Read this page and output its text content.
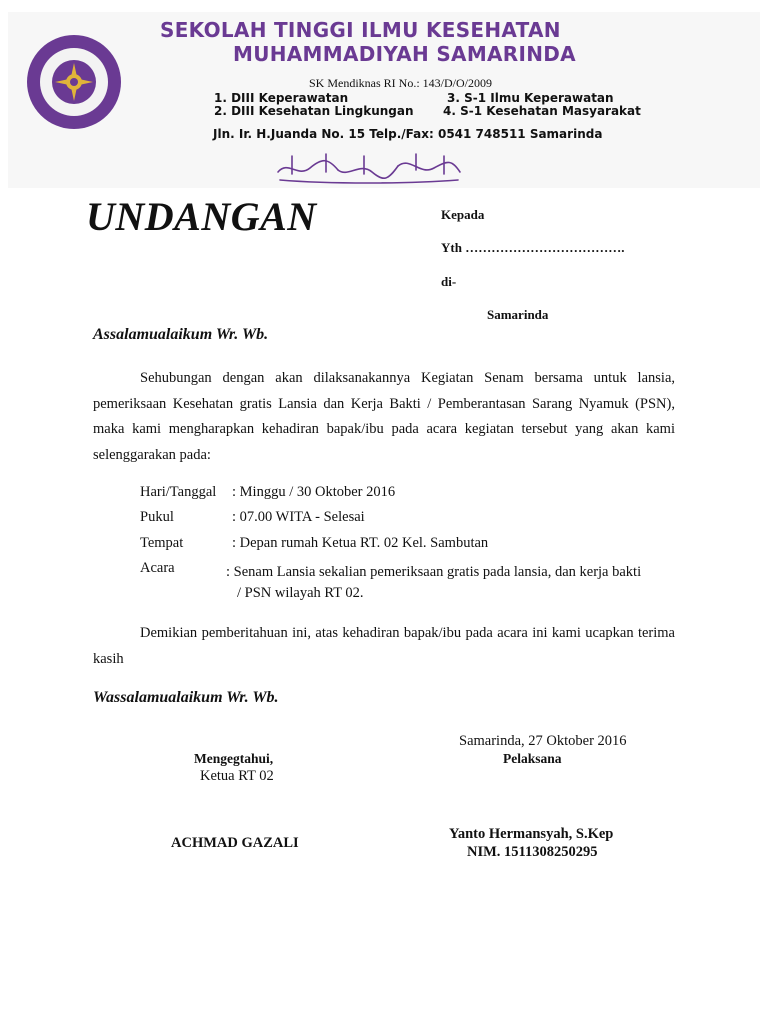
SEKOLAH TINGGI ILMU KESEHATAN
MUHAMMADIYAH SAMARINDA
SK Mendiknas RI No.: 143/D/O/2009
1. DIII Keperawatan	3. S-1 Ilmu Keperawatan
2. DIII Kesehatan Lingkungan 4. S-1 Kesehatan Masyarakat
Jln. Ir. H.Juanda No. 15 Telp./Fax: 0541 748511 Samarinda
UNDANGAN	Kepada
Yth ……………………………….
di-
Samarinda
Assalamualaikum Wr. Wb.

Sehubungan dengan akan dilaksanakannya Kegiatan Senam bersama untuk lansia, pemeriksaan Kesehatan gratis Lansia dan Kerja Bakti / Pemberantasan Sarang Nyamuk (PSN), maka kami mengharapkan kehadiran bapak/ibu pada acara kegiatan tersebut yang akan kami selenggarakan pada:

Hari/Tanggal : Minggu / 30 Oktober 2016
Pukul	: 07.00 WITA - Selesai
Tempat	: Depan rumah Ketua RT. 02 Kel. Sambutan
Acara	: Senam Lansia sekalian pemeriksaan gratis pada lansia, dan kerja bakti
/ PSN wilayah RT 02.

Demikian pemberitahuan ini, atas kehadiran bapak/ibu pada acara ini kami ucapkan terima kasih

Wassalamualaikum Wr. Wb.
Samarinda, 27 Oktober 2016
Pelaksana
Mengegtahui,
Ketua RT 02
ACHMAD GAZALI
Yanto Hermansyah, S.Kep
NIM. 1511308250295
